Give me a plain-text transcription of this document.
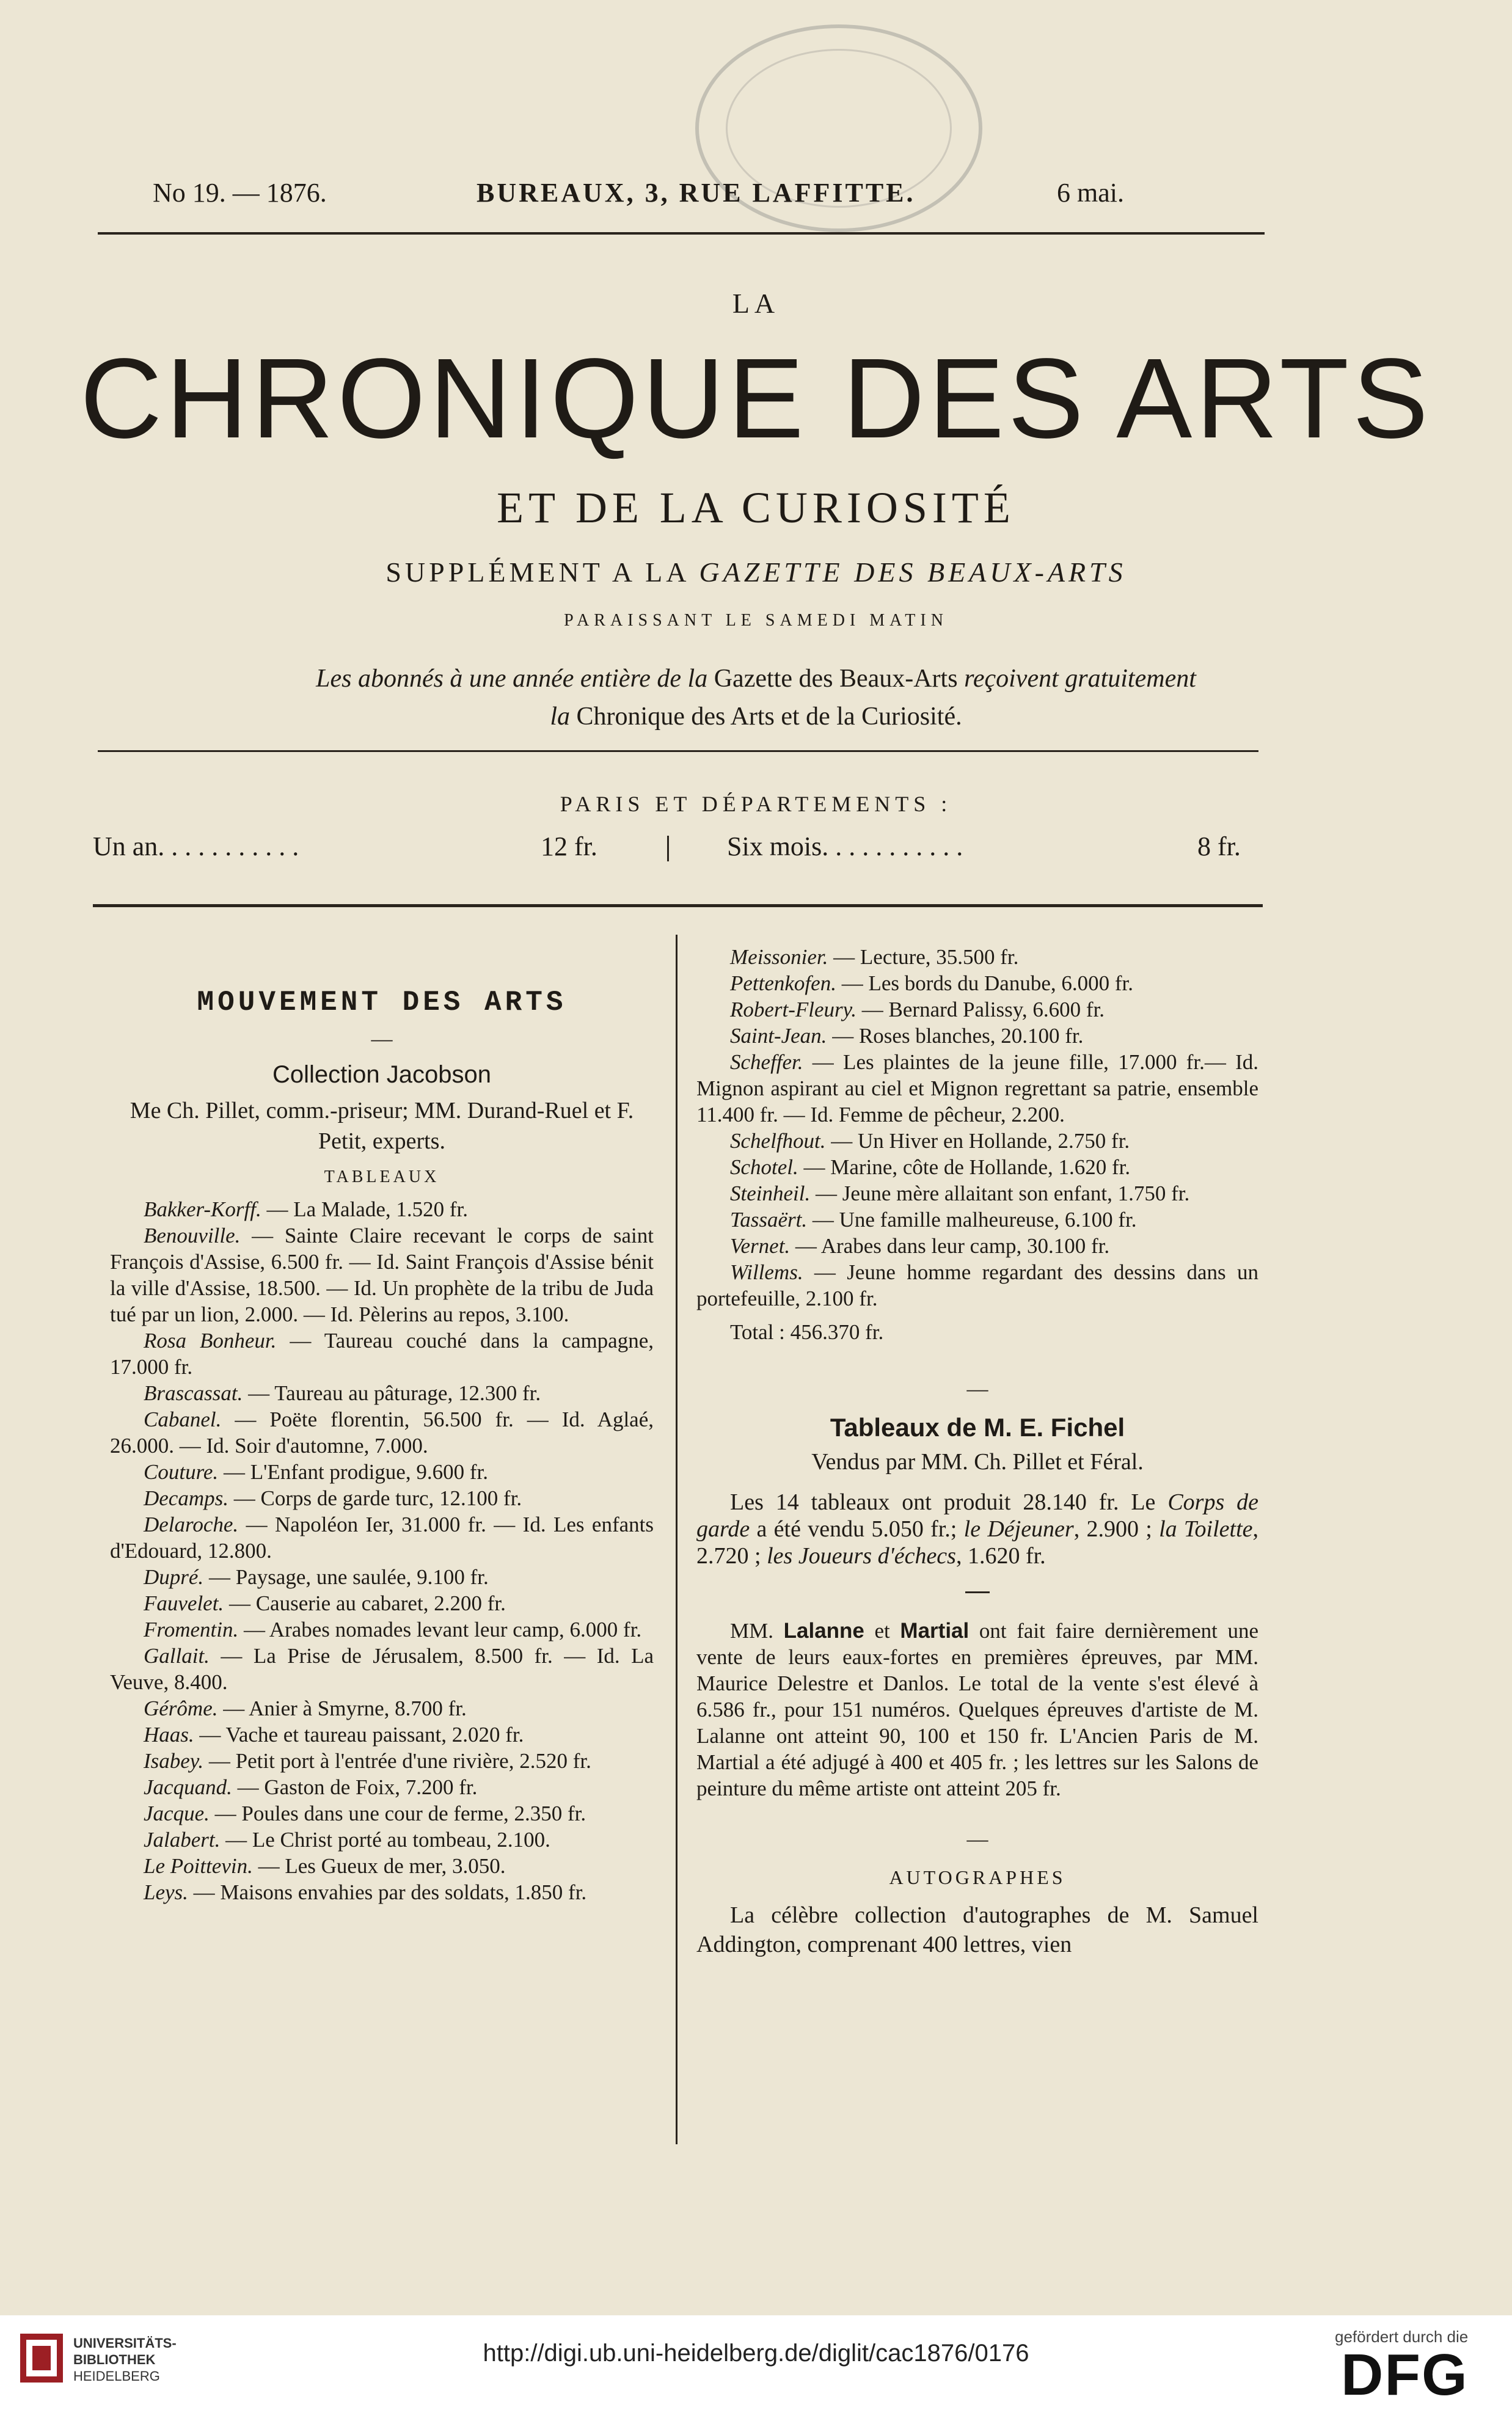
No 19. — 1876.	BUREAUX, 3, RUE LAFFITTE.	6 mai.
LA
CHRONIQUE DES ARTS
ET DE LA CURIOSITÉ
SUPPLÉMENT A LA GAZETTE DES BEAUX-ARTS
PARAISSANT LE SAMEDI MATIN
Les abonnés à une année entière de la Gazette des Beaux-Arts reçoivent gratuitement
la Chronique des Arts et de la Curiosité.
PARIS ET DÉPARTEMENTS :
Un an. . . . . . . . . . .	12 fr.	Six mois. . . . . . . . . . .	8 fr.

MOUVEMENT DES ARTS

—

Collection Jacobson

Me Ch. Pillet, comm.-priseur; MM. Durand-Ruel et F. Petit, experts.

TABLEAUX

Bakker-Korff. — La Malade, 1.520 fr.

Benouville. — Sainte Claire recevant le corps de saint François d'Assise, 6.500 fr. — Id. Saint François d'Assise bénit la ville d'Assise, 18.500. — Id. Un prophète de la tribu de Juda tué par un lion, 2.000. — Id. Pèlerins au repos, 3.100.

Rosa Bonheur. — Taureau couché dans la campagne, 17.000 fr.

Brascassat. — Taureau au pâturage, 12.300 fr.

Cabanel. — Poëte florentin, 56.500 fr. — Id. Aglaé, 26.000. — Id. Soir d'automne, 7.000.

Couture. — L'Enfant prodigue, 9.600 fr.

Decamps. — Corps de garde turc, 12.100 fr.

Delaroche. — Napoléon Ier, 31.000 fr. — Id. Les enfants d'Edouard, 12.800.

Dupré. — Paysage, une saulée, 9.100 fr.

Fauvelet. — Causerie au cabaret, 2.200 fr.

Fromentin. — Arabes nomades levant leur camp, 6.000 fr.

Gallait. — La Prise de Jérusalem, 8.500 fr. — Id. La Veuve, 8.400.

Gérôme. — Anier à Smyrne, 8.700 fr.

Haas. — Vache et taureau paissant, 2.020 fr.

Isabey. — Petit port à l'entrée d'une rivière, 2.520 fr.

Jacquand. — Gaston de Foix, 7.200 fr.

Jacque. — Poules dans une cour de ferme, 2.350 fr.

Jalabert. — Le Christ porté au tombeau, 2.100.

Le Poittevin. — Les Gueux de mer, 3.050.

Leys. — Maisons envahies par des soldats, 1.850 fr.

Meissonier. — Lecture, 35.500 fr.

Pettenkofen. — Les bords du Danube, 6.000 fr.

Robert-Fleury. — Bernard Palissy, 6.600 fr.

Saint-Jean. — Roses blanches, 20.100 fr.

Scheffer. — Les plaintes de la jeune fille, 17.000 fr.— Id. Mignon aspirant au ciel et Mignon regrettant sa patrie, ensemble 11.400 fr. — Id. Femme de pêcheur, 2.200.

Schelfhout. — Un Hiver en Hollande, 2.750 fr.

Schotel. — Marine, côte de Hollande, 1.620 fr.

Steinheil. — Jeune mère allaitant son enfant, 1.750 fr.

Tassaërt. — Une famille malheureuse, 6.100 fr.

Vernet. — Arabes dans leur camp, 30.100 fr.

Willems. — Jeune homme regardant des dessins dans un portefeuille, 2.100 fr.

Total : 456.370 fr.

—

Tableaux de M. E. Fichel

Vendus par MM. Ch. Pillet et Féral.

Les 14 tableaux ont produit 28.140 fr. Le Corps de garde a été vendu 5.050 fr.; le Déjeuner, 2.900 ; la Toilette, 2.720 ; les Joueurs d'échecs, 1.620 fr.

MM. Lalanne et Martial ont fait faire dernièrement une vente de leurs eaux-fortes en premières épreuves, par MM. Maurice Delestre et Danlos. Le total de la vente s'est élevé à 6.586 fr., pour 151 numéros. Quelques épreuves d'artiste de M. Lalanne ont atteint 90, 100 et 150 fr. L'Ancien Paris de M. Martial a été adjugé à 400 et 405 fr. ; les lettres sur les Salons de peinture du même artiste ont atteint 205 fr.

—

AUTOGRAPHES

La célèbre collection d'autographes de M. Samuel Addington, comprenant 400 lettres, vien

UNIVERSITÄTS-
BIBLIOTHEK
HEIDELBERG
http://digi.ub.uni-heidelberg.de/diglit/cac1876/0176
gefördert durch die
DFG
